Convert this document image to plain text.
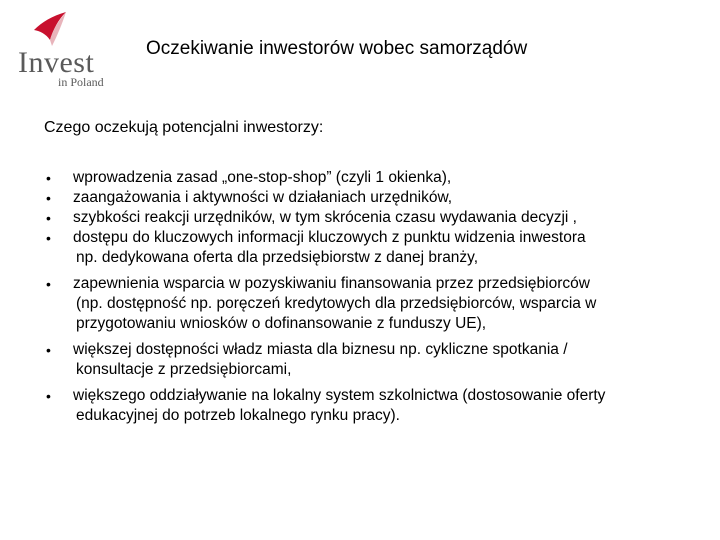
Invest
in Poland
Oczekiwanie inwestorów wobec samorządów
Czego oczekują potencjalni inwestorzy:
• wprowadzenia zasad „one-stop-shop” (czyli 1 okienka),
• zaangażowania i aktywności w działaniach urzędników,
• szybkości reakcji urzędników, w tym skrócenia czasu wydawania decyzji ,
• dostępu do kluczowych informacji kluczowych z punktu widzenia inwestora
np. dedykowana oferta dla przedsiębiorstw z danej branży,
• zapewnienia wsparcia w pozyskiwaniu finansowania przez przedsiębiorców
(np. dostępność np. poręczeń kredytowych dla przedsiębiorców, wsparcia w
przygotowaniu wniosków o dofinansowanie z funduszy UE),
• większej dostępności władz miasta dla biznesu np. cykliczne spotkania /
konsultacje z przedsiębiorcami,
• większego oddziaływanie na lokalny system szkolnictwa (dostosowanie oferty
edukacyjnej do potrzeb lokalnego rynku pracy).
